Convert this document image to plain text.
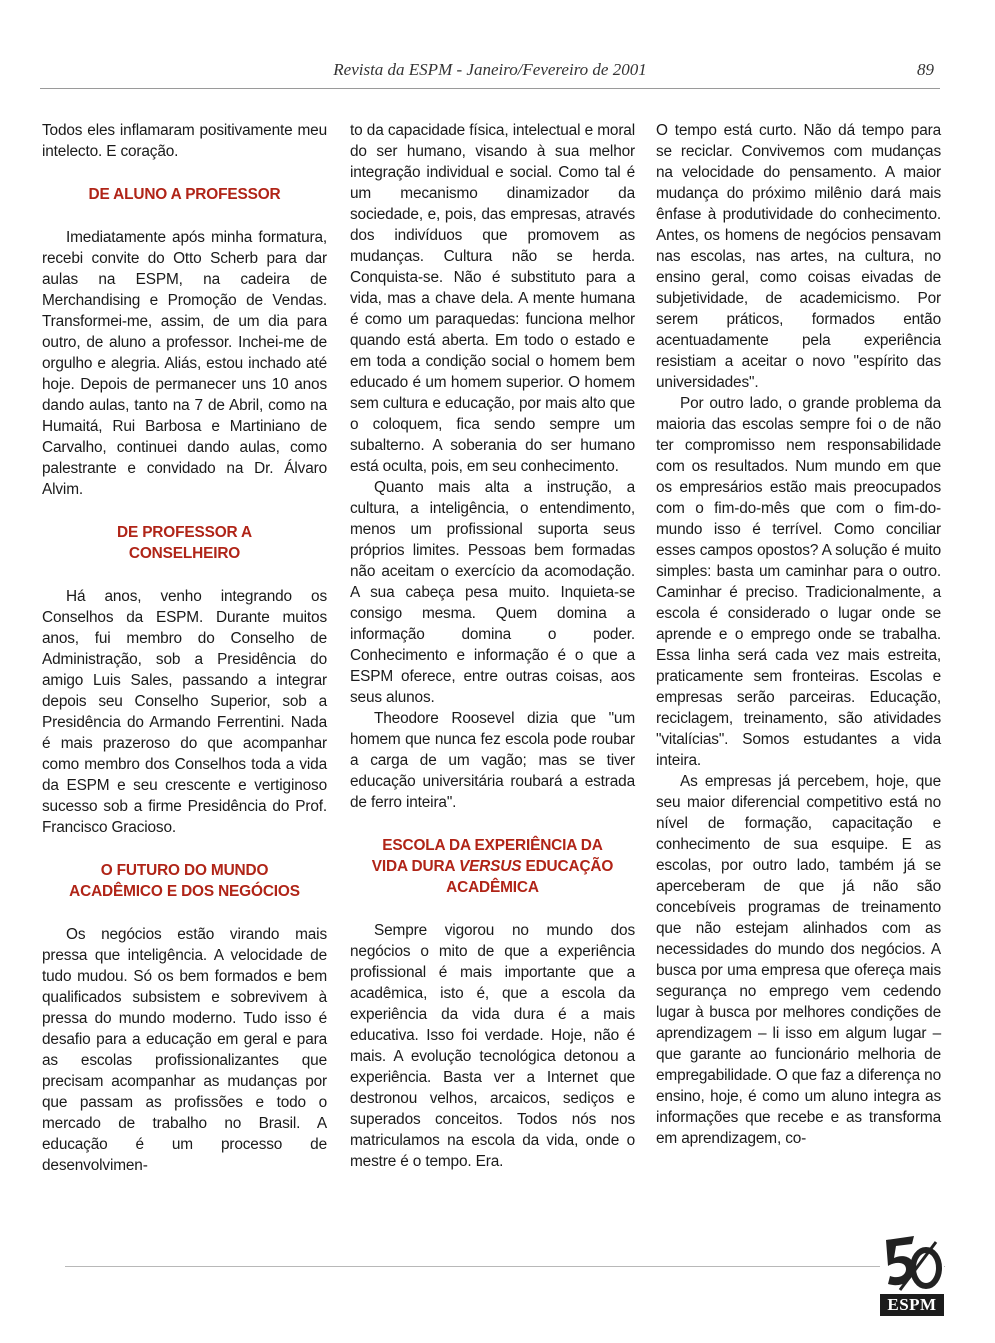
Revista da ESPM - Janeiro/Fevereiro de 2001	89

Todos eles inflamaram positivamente meu intelecto. E coração.

DE ALUNO A PROFESSOR

Imediatamente após minha formatura, recebi convite do Otto Scherb para dar aulas na ESPM, na cadeira de Merchandising e Promoção de Vendas. Transformei-me, assim, de um dia para outro, de aluno a professor. Inchei-me de orgulho e alegria. Aliás, estou inchado até hoje. Depois de permanecer uns 10 anos dando aulas, tanto na 7 de Abril, como na Humaitá, Rui Barbosa e Martiniano de Carvalho, continuei dando aulas, como palestrante e convidado na Dr. Álvaro Alvim.

DE PROFESSOR A
CONSELHEIRO

Há anos, venho integrando os Conselhos da ESPM. Durante muitos anos, fui membro do Conselho de Administração, sob a Presidência do amigo Luis Sales, passando a integrar depois seu Conselho Superior, sob a Presidência do Armando Ferrentini. Nada é mais prazeroso do que acompanhar como membro dos Conselhos toda a vida da ESPM e seu crescente e vertiginoso sucesso sob a firme Presidência do Prof. Francisco Gracioso.

O FUTURO DO MUNDO
ACADÊMICO E DOS NEGÓCIOS

Os negócios estão virando mais pressa que inteligência. A velocidade de tudo mudou. Só os bem formados e bem qualificados subsistem e sobrevivem à pressa do mundo moderno. Tudo isso é desafio para a educação em geral e para as escolas profissionalizantes que precisam acompanhar as mudanças por que passam as profissões e todo o mercado de trabalho no Brasil. A educação é um processo de desenvolvimen-

to da capacidade física, intelectual e moral do ser humano, visando à sua melhor integração individual e social. Como tal é um mecanismo dinamizador da sociedade, e, pois, das empresas, através dos indivíduos que promovem as mudanças. Cultura não se herda. Conquista-se. Não é substituto para a vida, mas a chave dela. A mente humana é como um paraquedas: funciona melhor quando está aberta. Em todo o estado e em toda a condição social o homem bem educado é um homem superior. O homem sem cultura e educação, por mais alto que o coloquem, fica sendo sempre um subalterno. A soberania do ser humano está oculta, pois, em seu conhecimento.

Quanto mais alta a instrução, a cultura, a inteligência, o entendimento, menos um profissional suporta seus próprios limites. Pessoas bem formadas não aceitam o exercício da acomodação. A sua cabeça pesa muito. Inquieta-se consigo mesma. Quem domina a informação domina o poder. Conhecimento e informação é o que a ESPM oferece, entre outras coisas, aos seus alunos.

Theodore Roosevel dizia que "um homem que nunca fez escola pode roubar a carga de um vagão; mas se tiver educação universitária roubará a estrada de ferro inteira".

ESCOLA DA EXPERIÊNCIA DA
VIDA DURA VERSUS EDUCAÇÃO
ACADÊMICA

Sempre vigorou no mundo dos negócios o mito de que a experiência profissional é mais importante que a acadêmica, isto é, que a escola da experiência da vida dura é a mais educativa. Isso foi verdade. Hoje, não é mais. A evolução tecnológica detonou a experiência. Basta ver a Internet que destronou velhos, arcaicos, sediços e superados conceitos. Todos nós nos matriculamos na escola da vida, onde o mestre é o tempo. Era.

O tempo está curto. Não dá tempo para se reciclar. Convivemos com mudanças na velocidade do pensamento. A maior mudança do próximo milênio dará mais ênfase à produtividade do conhecimento. Antes, os homens de negócios pensavam nas escolas, nas artes, na cultura, no ensino geral, como coisas eivadas de subjetividade, de academicismo. Por serem práticos, formados então acentuadamente pela experiência resistiam a aceitar o novo "espírito das universidades".

Por outro lado, o grande problema da maioria das escolas sempre foi o de não ter compromisso nem responsabilidade com os resultados. Num mundo em que os empresários estão mais preocupados com o fim-do-mês que com o fim-do-mundo isso é terrível. Como conciliar esses campos opostos? A solução é muito simples: basta um caminhar para o outro. Caminhar é preciso. Tradicionalmente, a escola é considerado o lugar onde se aprende e o emprego onde se trabalha. Essa linha será cada vez mais estreita, praticamente sem fronteiras. Escolas e empresas serão parceiras. Educação, reciclagem, treinamento, são atividades "vitalícias". Somos estudantes a vida inteira.

As empresas já percebem, hoje, que seu maior diferencial competitivo está no nível de formação, capacitação e conhecimento de sua esquipe. E as escolas, por outro lado, também já se aperceberam de que já não são concebíveis programas de treinamento que não estejam alinhados com as necessidades do mundo dos negócios. A busca por uma empresa que ofereça mais segurança no emprego vem cedendo lugar à busca por melhores condições de aprendizagem – li isso em algum lugar – que garante ao funcionário melhoria de empregabilidade. O que faz a diferença no ensino, hoje, é como um aluno integra as informações que recebe e as transforma em aprendizagem, co-

ESPM
